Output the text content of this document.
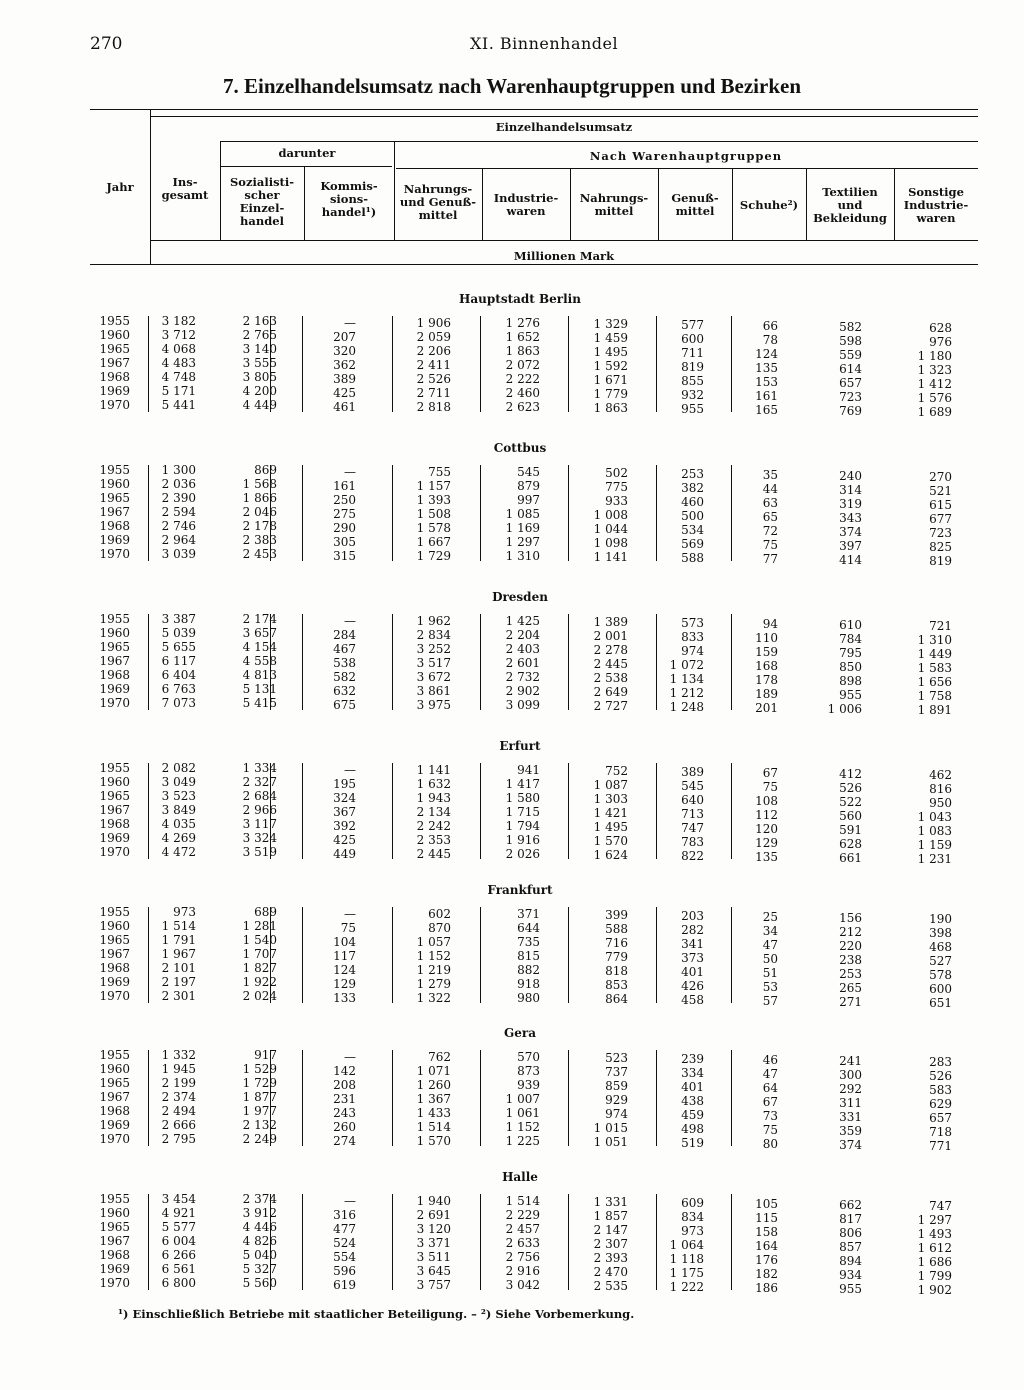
270	XI. Binnenhandel
7. Einzelhandelsumsatz nach Warenhauptgruppen und Bezirken
Jahr
Einzelhandelsumsatz
darunter	Nach Warenhauptgruppen
Millionen Mark
Ins-
gesamt
Sozialisti-
scher
Einzel-
handel
Kommis-
sions-
handel¹)
Nahrungs-
und Genuß-
mittel
Industrie-
waren
Nahrungs-
mittel
Genuß-
mittel	Schuhe²)
Textilien
und
Bekleidung
Sonstige
Industrie-
waren
Hauptstadt Berlin
1955	3 182	2 163	—	1 906	1 276	1 329	577	66	582	628
1960	3 712	2 765	207	2 059	1 652	1 459	600	78	598	976
1965	4 068	3 140	320	2 206	1 863	1 495	711	124	559	1 180
1967	4 483	3 555	362	2 411	2 072	1 592	819	135	614	1 323
1968	4 748	3 805	389	2 526	2 222	1 671	855	153	657	1 412
1969	5 171	4 200	425	2 711	2 460	1 779	932	161	723	1 576
1970	5 441	4 449	461	2 818	2 623	1 863	955	165	769	1 689
Cottbus
1955	1 300	869	—	755	545	502	253	35	240	270
1960	2 036	1 568	161	1 157	879	775	382	44	314	521
1965	2 390	1 866	250	1 393	997	933	460	63	319	615
1967	2 594	2 046	275	1 508	1 085	1 008	500	65	343	677
1968	2 746	2 178	290	1 578	1 169	1 044	534	72	374	723
1969	2 964	2 383	305	1 667	1 297	1 098	569	75	397	825
1970	3 039	2 453	315	1 729	1 310	1 141	588	77	414	819
Dresden
1955	3 387	2 174	—	1 962	1 425	1 389	573	94	610	721
1960	5 039	3 657	284	2 834	2 204	2 001	833	110	784	1 310
1965	5 655	4 154	467	3 252	2 403	2 278	974	159	795	1 449
1967	6 117	4 558	538	3 517	2 601	2 445	1 072	168	850	1 583
1968	6 404	4 813	582	3 672	2 732	2 538	1 134	178	898	1 656
1969	6 763	5 131	632	3 861	2 902	2 649	1 212	189	955	1 758
1970	7 073	5 415	675	3 975	3 099	2 727	1 248	201	1 006	1 891
Erfurt
1955	2 082	1 334	—	1 141	941	752	389	67	412	462
1960	3 049	2 327	195	1 632	1 417	1 087	545	75	526	816
1965	3 523	2 684	324	1 943	1 580	1 303	640	108	522	950
1967	3 849	2 966	367	2 134	1 715	1 421	713	112	560	1 043
1968	4 035	3 117	392	2 242	1 794	1 495	747	120	591	1 083
1969	4 269	3 324	425	2 353	1 916	1 570	783	129	628	1 159
1970	4 472	3 519	449	2 445	2 026	1 624	822	135	661	1 231
Frankfurt
1955	973	689	—	602	371	399	203	25	156	190
1960	1 514	1 281	75	870	644	588	282	34	212	398
1965	1 791	1 540	104	1 057	735	716	341	47	220	468
1967	1 967	1 707	117	1 152	815	779	373	50	238	527
1968	2 101	1 827	124	1 219	882	818	401	51	253	578
1969	2 197	1 922	129	1 279	918	853	426	53	265	600
1970	2 301	2 024	133	1 322	980	864	458	57	271	651
Gera
1955	1 332	917	—	762	570	523	239	46	241	283
1960	1 945	1 529	142	1 071	873	737	334	47	300	526
1965	2 199	1 729	208	1 260	939	859	401	64	292	583
1967	2 374	1 877	231	1 367	1 007	929	438	67	311	629
1968	2 494	1 977	243	1 433	1 061	974	459	73	331	657
1969	2 666	2 132	260	1 514	1 152	1 015	498	75	359	718
1970	2 795	2 249	274	1 570	1 225	1 051	519	80	374	771
Halle
1955	3 454	2 374	—	1 940	1 514	1 331	609	105	662	747
1960	4 921	3 912	316	2 691	2 229	1 857	834	115	817	1 297
1965	5 577	4 446	477	3 120	2 457	2 147	973	158	806	1 493
1967	6 004	4 826	524	3 371	2 633	2 307	1 064	164	857	1 612
1968	6 266	5 040	554	3 511	2 756	2 393	1 118	176	894	1 686
1969	6 561	5 327	596	3 645	2 916	2 470	1 175	182	934	1 799
1970	6 800	5 560	619	3 757	3 042	2 535	1 222	186	955	1 902
¹) Einschließlich Betriebe mit staatlicher Beteiligung. – ²) Siehe Vorbemerkung.
